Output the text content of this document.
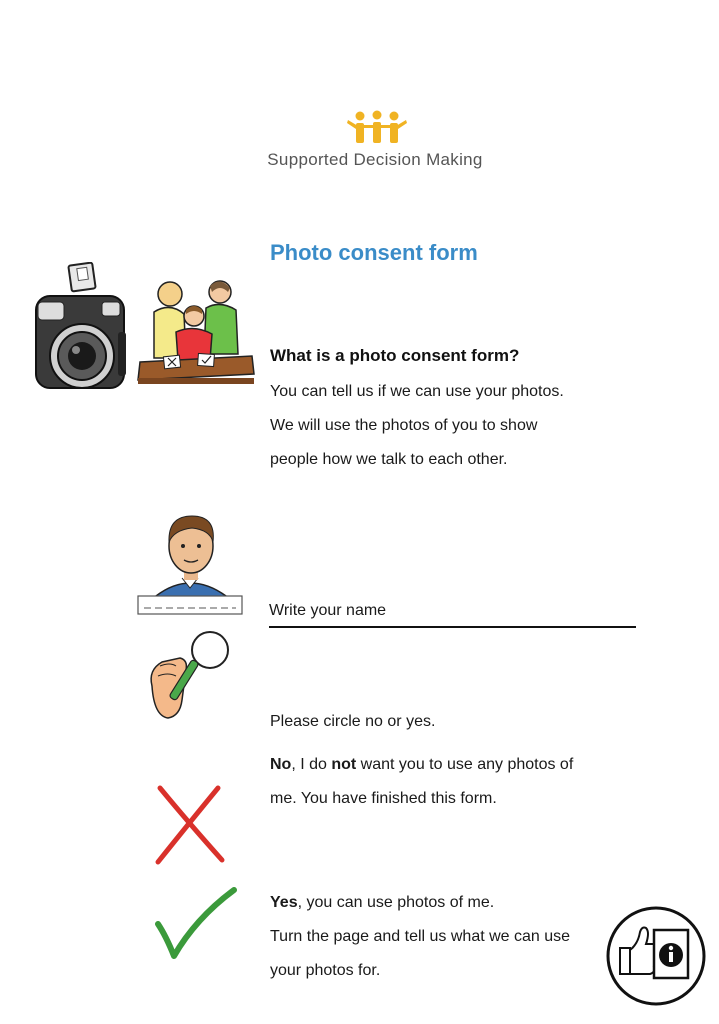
Supported Decision Making
Photo consent form
What is a photo consent form?

You can tell us if we can use your photos.

We will use the photos of you to show

people how we talk to each other.

Write your name
Please circle no or yes.

No, I do not want you to use any photos of

me. You have finished this form.

Yes, you can use photos of me.

Turn the page and tell us what we can use

your photos for.
